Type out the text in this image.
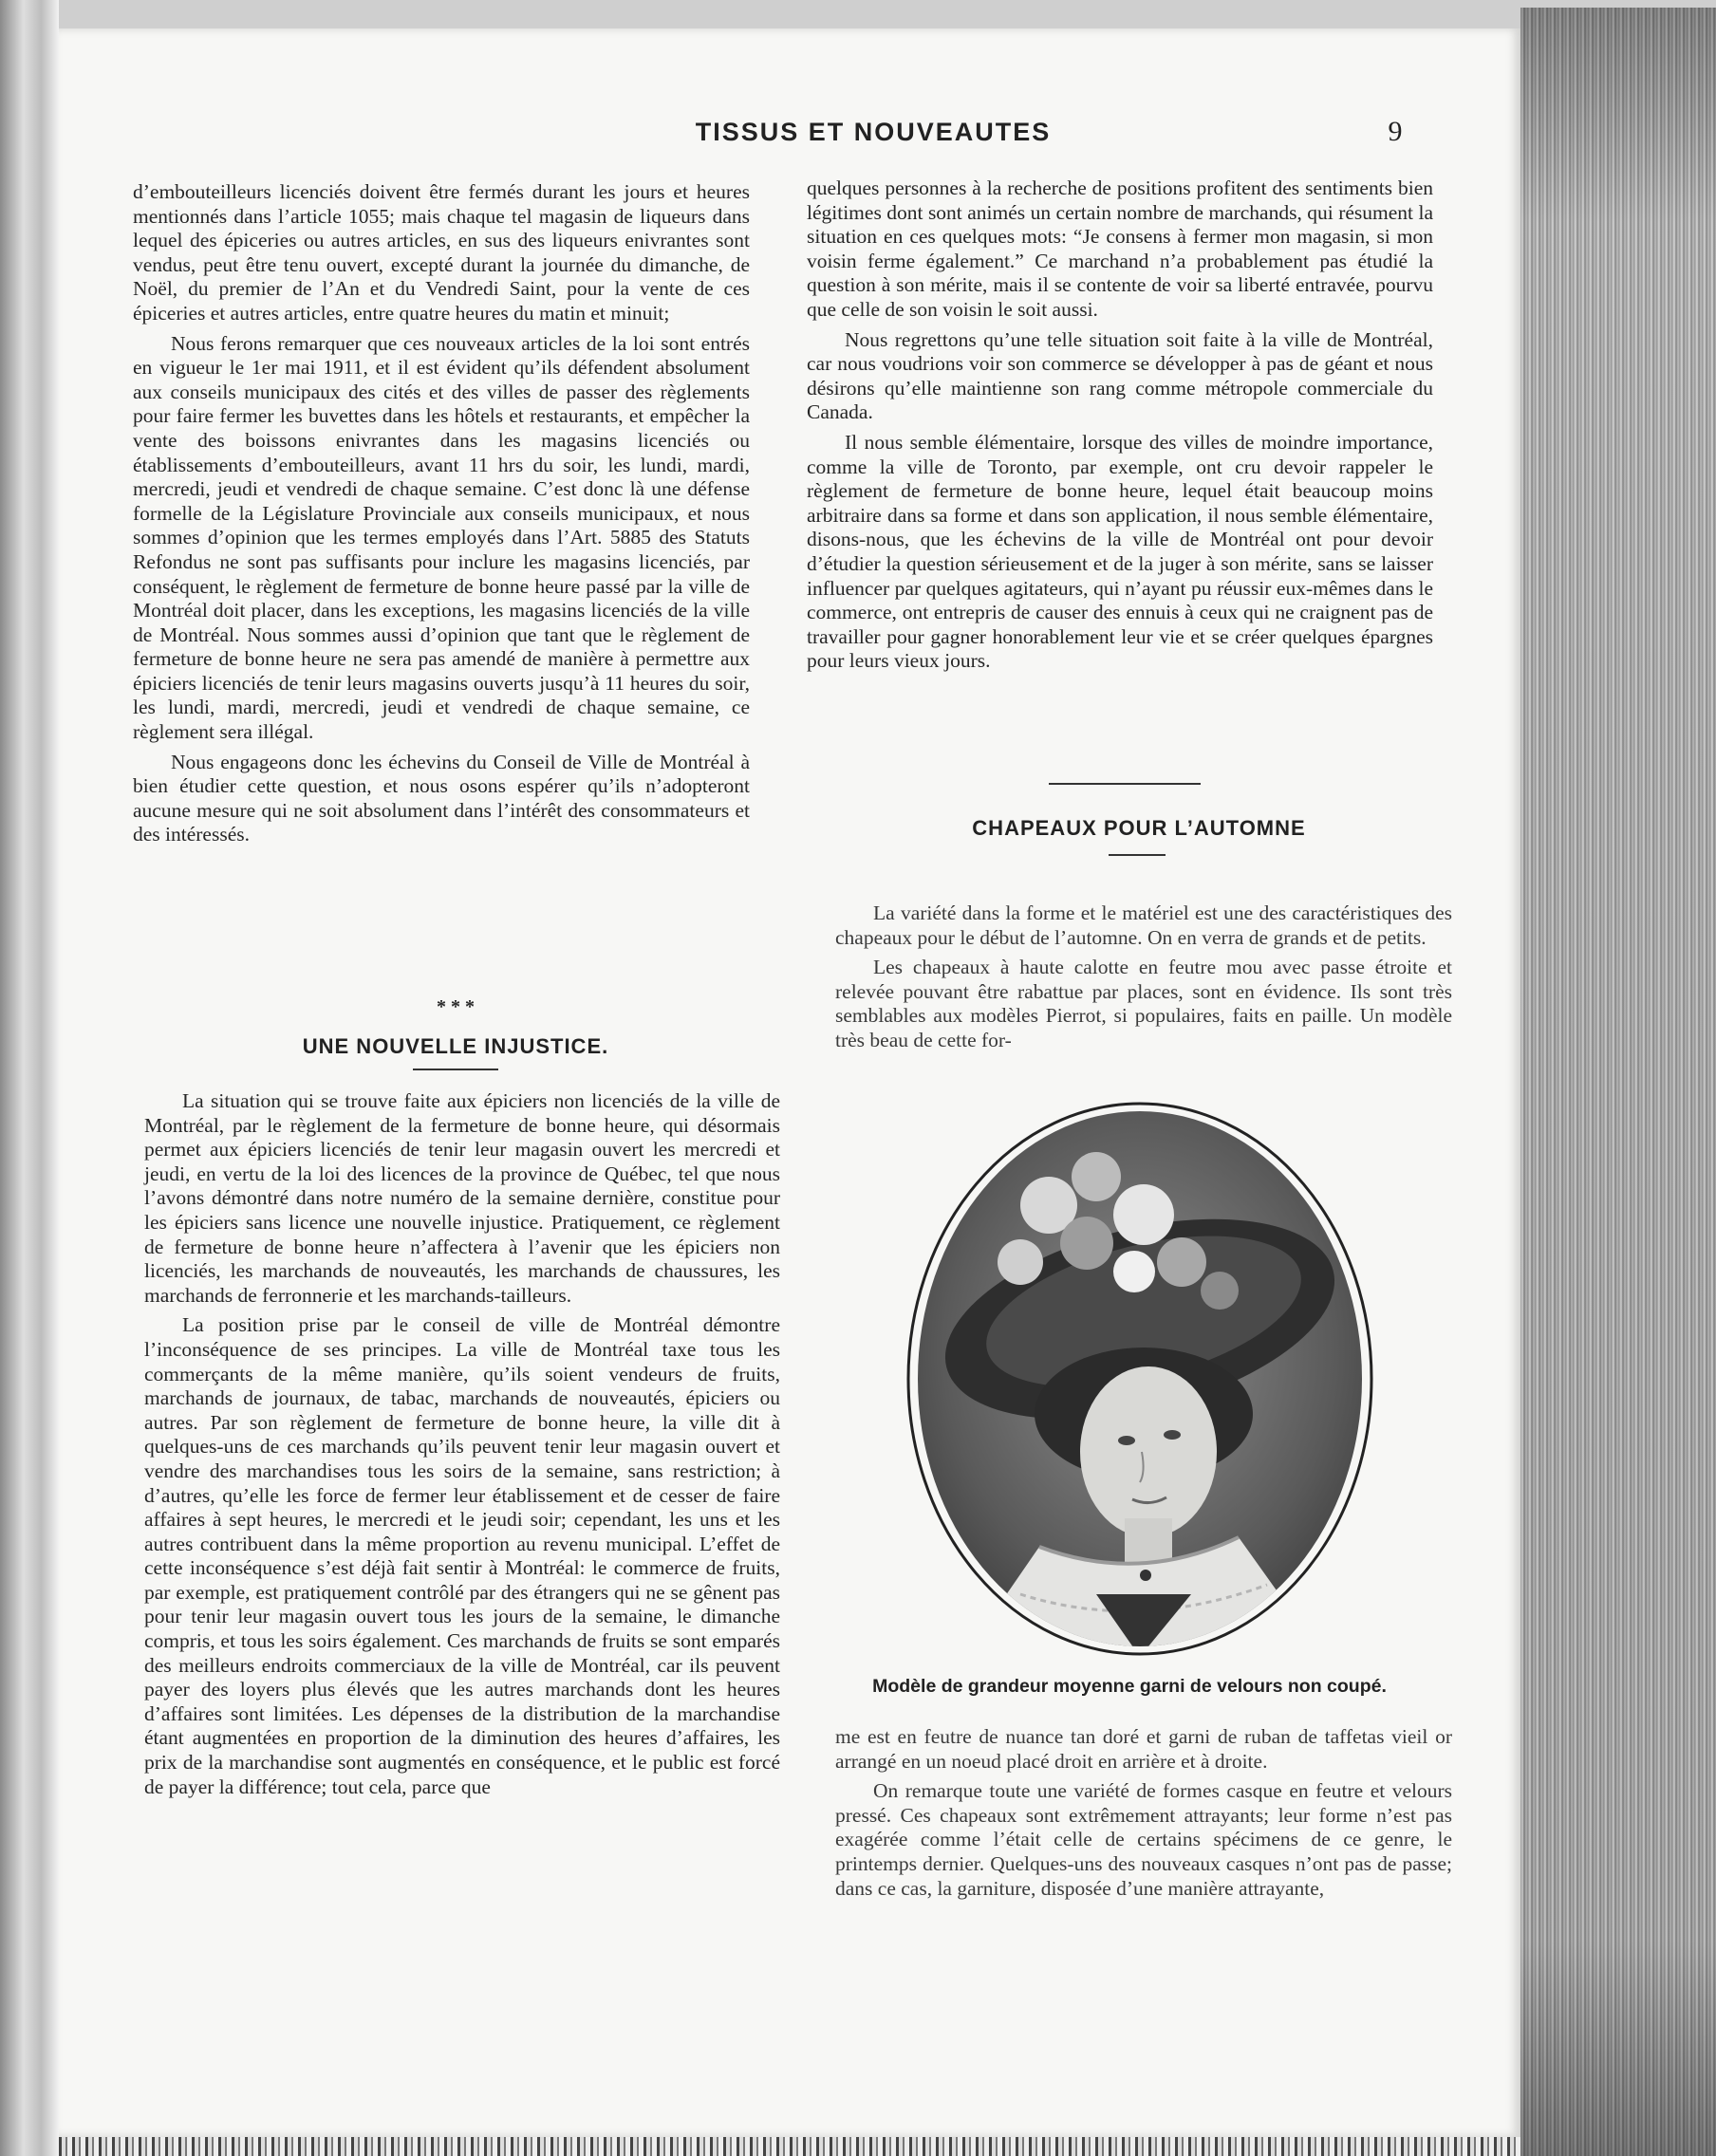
TISSUS ET NOUVEAUTES	9

d’embouteilleurs licenciés doivent être fermés durant les jours et heures mentionnés dans l’article 1055; mais chaque tel magasin de liqueurs dans lequel des épiceries ou autres articles, en sus des liqueurs enivrantes sont vendus, peut être tenu ouvert, excepté durant la journée du dimanche, de Noël, du premier de l’An et du Vendredi Saint, pour la vente de ces épiceries et autres articles, entre quatre heures du matin et minuit;

Nous ferons remarquer que ces nouveaux articles de la loi sont entrés en vigueur le 1er mai 1911, et il est évident qu’ils défendent absolument aux conseils municipaux des cités et des villes de passer des règlements pour faire fermer les buvettes dans les hôtels et restaurants, et empêcher la vente des boissons enivrantes dans les magasins licenciés ou établissements d’embouteilleurs, avant 11 hrs du soir, les lundi, mardi, mercredi, jeudi et vendredi de chaque semaine. C’est donc là une défense formelle de la Législature Provinciale aux conseils municipaux, et nous sommes d’opinion que les termes employés dans l’Art. 5885 des Statuts Refondus ne sont pas suffisants pour inclure les magasins licenciés, par conséquent, le règlement de fermeture de bonne heure passé par la ville de Montréal doit placer, dans les exceptions, les magasins licenciés de la ville de Montréal. Nous sommes aussi d’opinion que tant que le règlement de fermeture de bonne heure ne sera pas amendé de manière à permettre aux épiciers licenciés de tenir leurs magasins ouverts jusqu’à 11 heures du soir, les lundi, mardi, mercredi, jeudi et vendredi de chaque semaine, ce règlement sera illégal.

Nous engageons donc les échevins du Conseil de Ville de Montréal à bien étudier cette question, et nous osons espérer qu’ils n’adopteront aucune mesure qui ne soit absolument dans l’intérêt des consommateurs et des intéressés.

* * *
UNE NOUVELLE INJUSTICE.

La situation qui se trouve faite aux épiciers non licenciés de la ville de Montréal, par le règlement de la fermeture de bonne heure, qui désormais permet aux épiciers licenciés de tenir leur magasin ouvert les mercredi et jeudi, en vertu de la loi des licences de la province de Québec, tel que nous l’avons démontré dans notre numéro de la semaine dernière, constitue pour les épiciers sans licence une nouvelle injustice. Pratiquement, ce règlement de fermeture de bonne heure n’affectera à l’avenir que les épiciers non licenciés, les marchands de nouveautés, les marchands de chaussures, les marchands de ferronnerie et les marchands-tailleurs.

La position prise par le conseil de ville de Montréal démontre l’inconséquence de ses principes. La ville de Montréal taxe tous les commerçants de la même manière, qu’ils soient vendeurs de fruits, marchands de journaux, de tabac, marchands de nouveautés, épiciers ou autres. Par son règlement de fermeture de bonne heure, la ville dit à quelques-uns de ces marchands qu’ils peuvent tenir leur magasin ouvert et vendre des marchandises tous les soirs de la semaine, sans restriction; à d’autres, qu’elle les force de fermer leur établissement et de cesser de faire affaires à sept heures, le mercredi et le jeudi soir; cependant, les uns et les autres contribuent dans la même proportion au revenu municipal. L’effet de cette inconséquence s’est déjà fait sentir à Montréal: le commerce de fruits, par exemple, est pratiquement contrôlé par des étrangers qui ne se gênent pas pour tenir leur magasin ouvert tous les jours de la semaine, le dimanche compris, et tous les soirs également. Ces marchands de fruits se sont emparés des meilleurs endroits commerciaux de la ville de Montréal, car ils peuvent payer des loyers plus élevés que les autres marchands dont les heures d’affaires sont limitées. Les dépenses de la distribution de la marchandise étant augmentées en proportion de la diminution des heures d’affaires, les prix de la marchandise sont augmentés en conséquence, et le public est forcé de payer la différence; tout cela, parce que

quelques personnes à la recherche de positions profitent des sentiments bien légitimes dont sont animés un certain nombre de marchands, qui résument la situation en ces quelques mots: “Je consens à fermer mon magasin, si mon voisin ferme également.” Ce marchand n’a probablement pas étudié la question à son mérite, mais il se contente de voir sa liberté entravée, pourvu que celle de son voisin le soit aussi.

Nous regrettons qu’une telle situation soit faite à la ville de Montréal, car nous voudrions voir son commerce se développer à pas de géant et nous désirons qu’elle maintienne son rang comme métropole commerciale du Canada.

Il nous semble élémentaire, lorsque des villes de moindre importance, comme la ville de Toronto, par exemple, ont cru devoir rappeler le règlement de fermeture de bonne heure, lequel était beaucoup moins arbitraire dans sa forme et dans son application, il nous semble élémentaire, disons-nous, que les échevins de la ville de Montréal ont pour devoir d’étudier la question sérieusement et de la juger à son mérite, sans se laisser influencer par quelques agitateurs, qui n’ayant pu réussir eux-mêmes dans le commerce, ont entrepris de causer des ennuis à ceux qui ne craignent pas de travailler pour gagner honorablement leur vie et se créer quelques épargnes pour leurs vieux jours.

CHAPEAUX POUR L’AUTOMNE

La variété dans la forme et le matériel est une des caractéristiques des chapeaux pour le début de l’automne. On en verra de grands et de petits.

Les chapeaux à haute calotte en feutre mou avec passe étroite et relevée pouvant être rabattue par places, sont en évidence. Ils sont très semblables aux modèles Pierrot, si populaires, faits en paille. Un modèle très beau de cette for-

Modèle de grandeur moyenne garni de velours non coupé.

me est en feutre de nuance tan doré et garni de ruban de taffetas vieil or arrangé en un noeud placé droit en arrière et à droite.

On remarque toute une variété de formes casque en feutre et velours pressé. Ces chapeaux sont extrêmement attrayants; leur forme n’est pas exagérée comme l’était celle de certains spécimens de ce genre, le printemps dernier. Quelques-uns des nouveaux casques n’ont pas de passe; dans ce cas, la garniture, disposée d’une manière attrayante,
